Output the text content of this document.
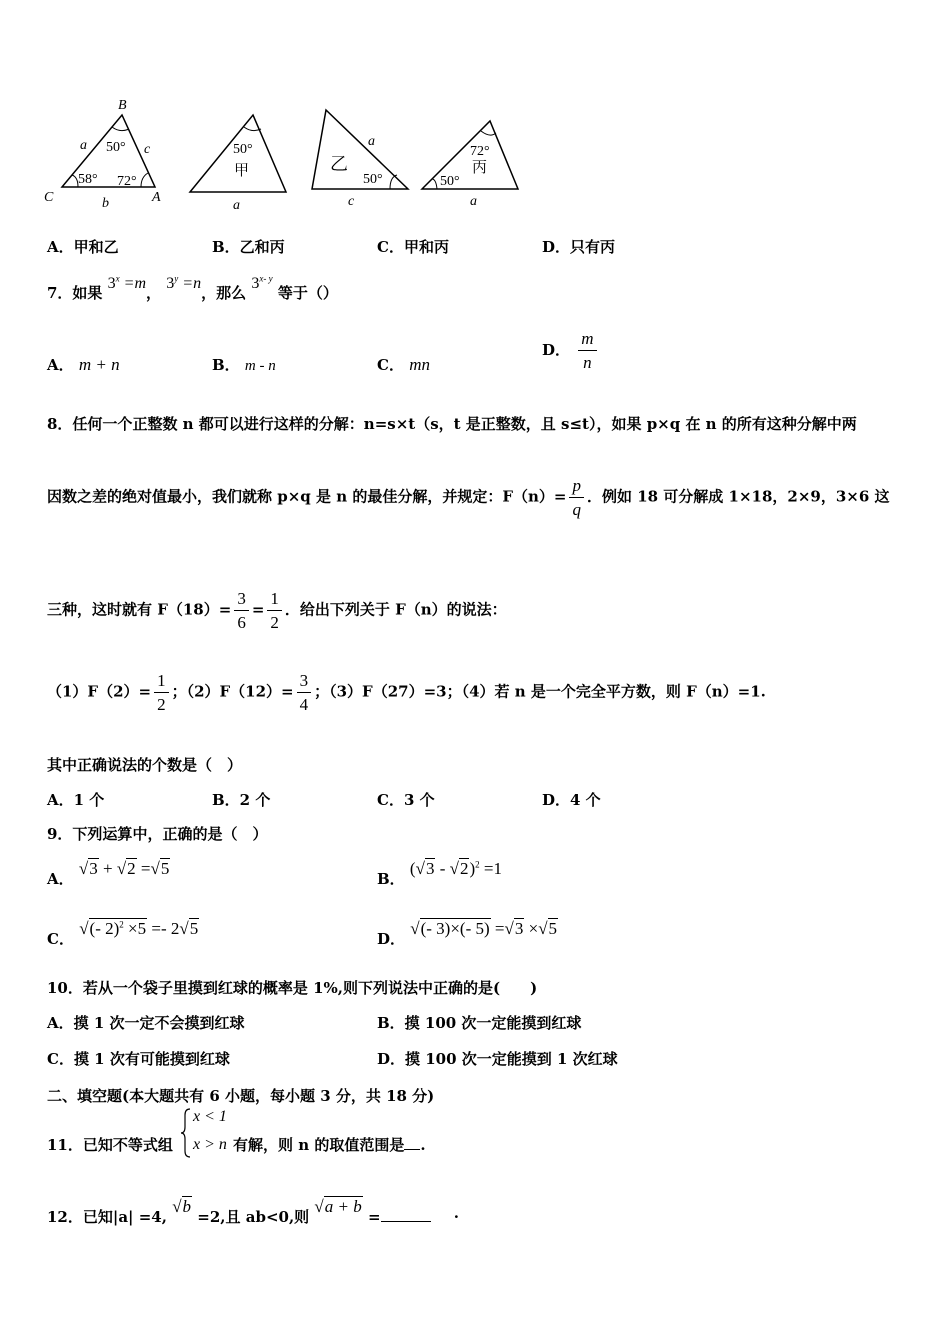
B
C	A
a	c
b
50°
58° 72°
50°
甲
a
乙
a
50°
c
72°
丙
50°
a
A．甲和乙	B．乙和丙	C．甲和丙	D．只有丙
7．如果 $3^x =m$， $3^y =n$，那么 3$^{x- y}$ 等于（）
A． m + n	B． m - n	C． mn
D． $\frac{m}{n}$
8．任何一个正整数 n 都可以进行这样的分解：n=s×t（s，t 是正整数，且 s≤t），如果 p×q 在 n 的所有这种分解中两
因数之差的绝对值最小，我们就称 p×q 是 n 的最佳分解，并规定：$F(n)= \frac{p}{q}$ ．例如 18 可分解成 1×18，2×9，3×6 这
三种，这时就有 $F(18)= \frac{3}{6} = \frac{1}{2}$ ．给出下列关于 F（n）的说法：
$(1)F(2)= \frac{1}{2}$ ；$(2)F(12)= \frac{3}{4}$ ；（3）F（27）=3；（4）若 n 是一个完全平方数，则 F（n）=1.
其中正确说法的个数是（　）
A．1 个	B．2 个	C．3 个	D．4 个
9．下列运算中，正确的是（　）
A． √3 + √2 =√5
B． (√3 - √2)$^2$ =1
C． √(- 2)$^2$ ×5 =- 2√5
D． √(- 3)×(- 5) =√3 ×√5
10．若从一个袋子里摸到红球的概率是 1%,则下列说法中正确的是(　　)
A．摸 1 次一定不会摸到红球	B．摸 100 次一定能摸到红球
C．摸 1 次有可能摸到红球	D．摸 100 次一定能摸到 1 次红球
二、填空题(本大题共有 6 小题，每小题 3 分，共 18 分)
11．已知不等式组
x < 1
x > n 有解，则 n 的取值范围是 .
12．已知|a| =4, √b =2,且 ab<0,则 √a + b =	·
